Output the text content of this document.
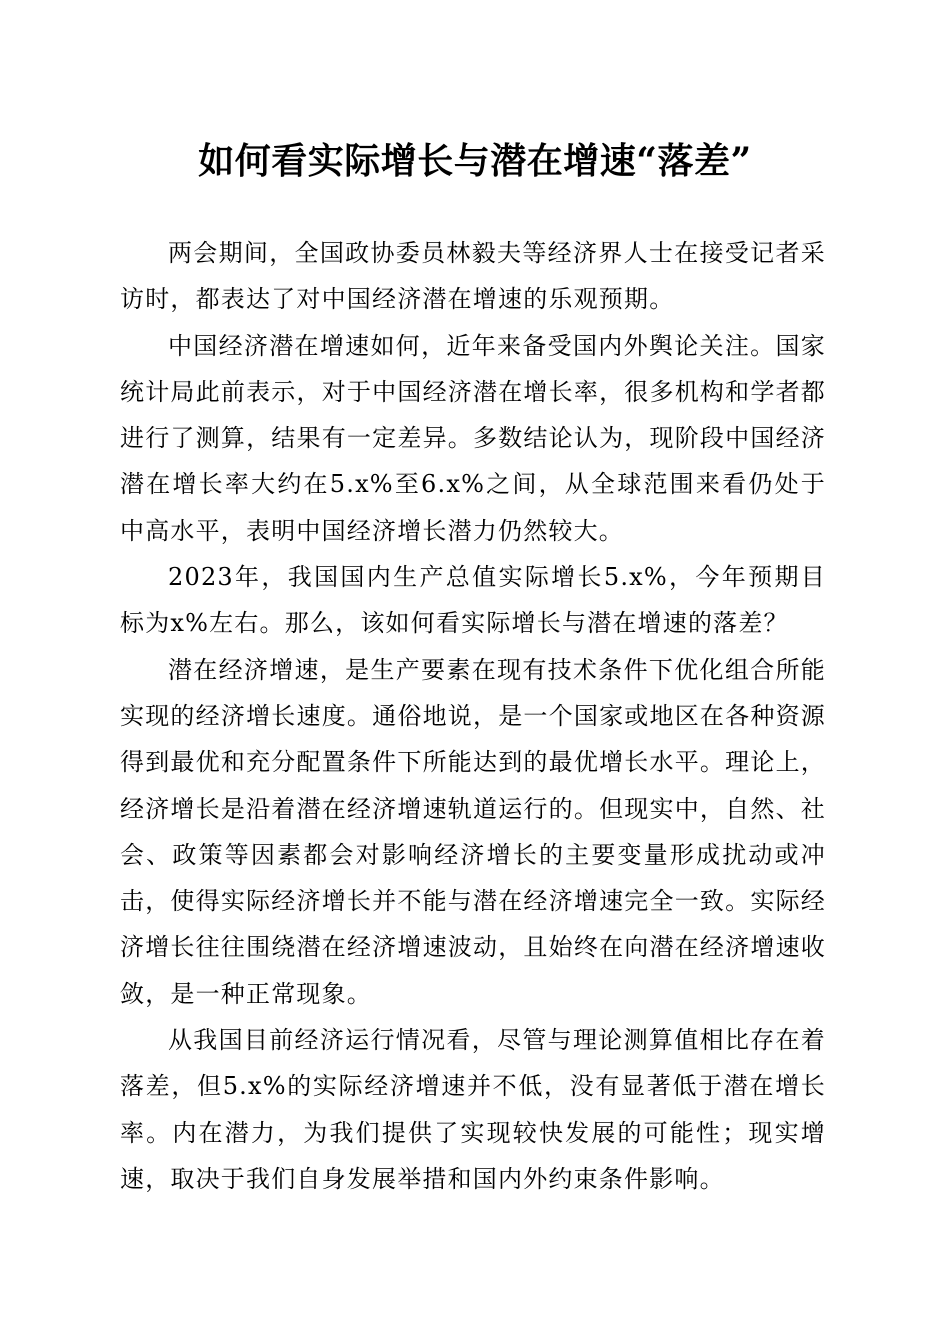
如何看实际增长与潜在增速“落差”

两会期间，全国政协委员林毅夫等经济界人士在接受记者采访时，都表达了对中国经济潜在增速的乐观预期。

中国经济潜在增速如何，近年来备受国内外舆论关注。国家统计局此前表示，对于中国经济潜在增长率，很多机构和学者都进行了测算，结果有一定差异。多数结论认为，现阶段中国经济潜在增长率大约在5.x%至6.x%之间，从全球范围来看仍处于中高水平，表明中国经济增长潜力仍然较大。

2023年，我国国内生产总值实际增长5.x%，今年预期目标为x%左右。那么，该如何看实际增长与潜在增速的落差？

潜在经济增速，是生产要素在现有技术条件下优化组合所能实现的经济增长速度。通俗地说，是一个国家或地区在各种资源得到最优和充分配置条件下所能达到的最优增长水平。理论上，经济增长是沿着潜在经济增速轨道运行的。但现实中，自然、社会、政策等因素都会对影响经济增长的主要变量形成扰动或冲击，使得实际经济增长并不能与潜在经济增速完全一致。实际经济增长往往围绕潜在经济增速波动，且始终在向潜在经济增速收敛，是一种正常现象。

从我国目前经济运行情况看，尽管与理论测算值相比存在着落差，但5.x%的实际经济增速并不低，没有显著低于潜在增长率。内在潜力，为我们提供了实现较快发展的可能性；现实增速，取决于我们自身发展举措和国内外约束条件影响。
